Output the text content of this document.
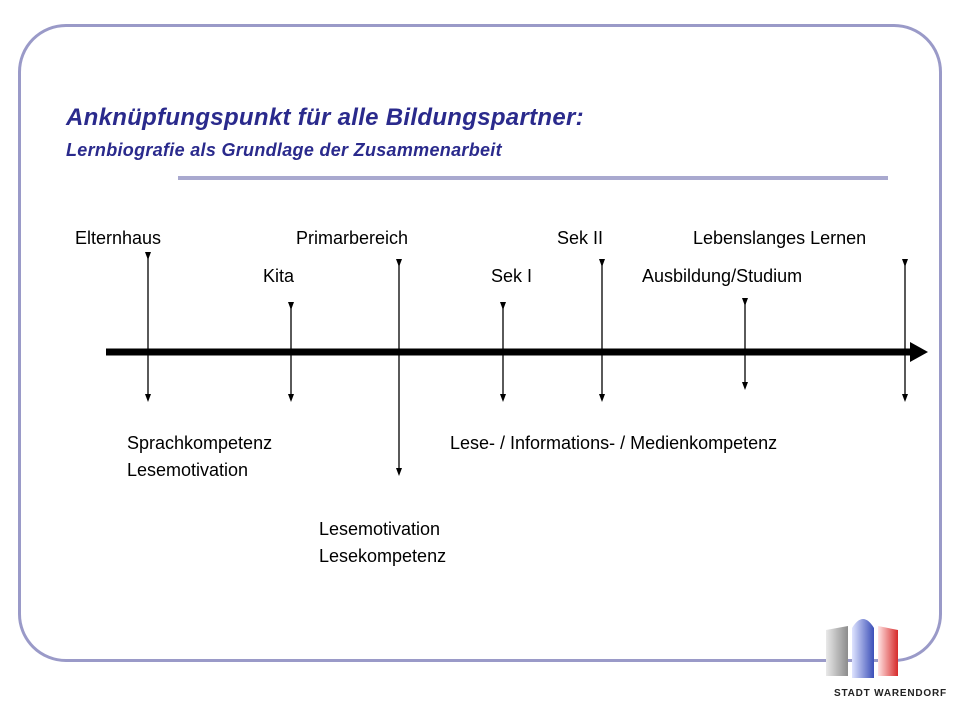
Anknüpfungspunkt für alle Bildungspartner:
Lernbiografie als Grundlage der Zusammenarbeit
Elternhaus	Primarbereich	Sek II	Lebenslanges Lernen
Kita	Sek I	Ausbildung/Studium
Sprachkompetenz
Lesemotivation
Lesemotivation
Lesekompetenz
Lese- / Informations- / Medienkompetenz
STADT WARENDORF
